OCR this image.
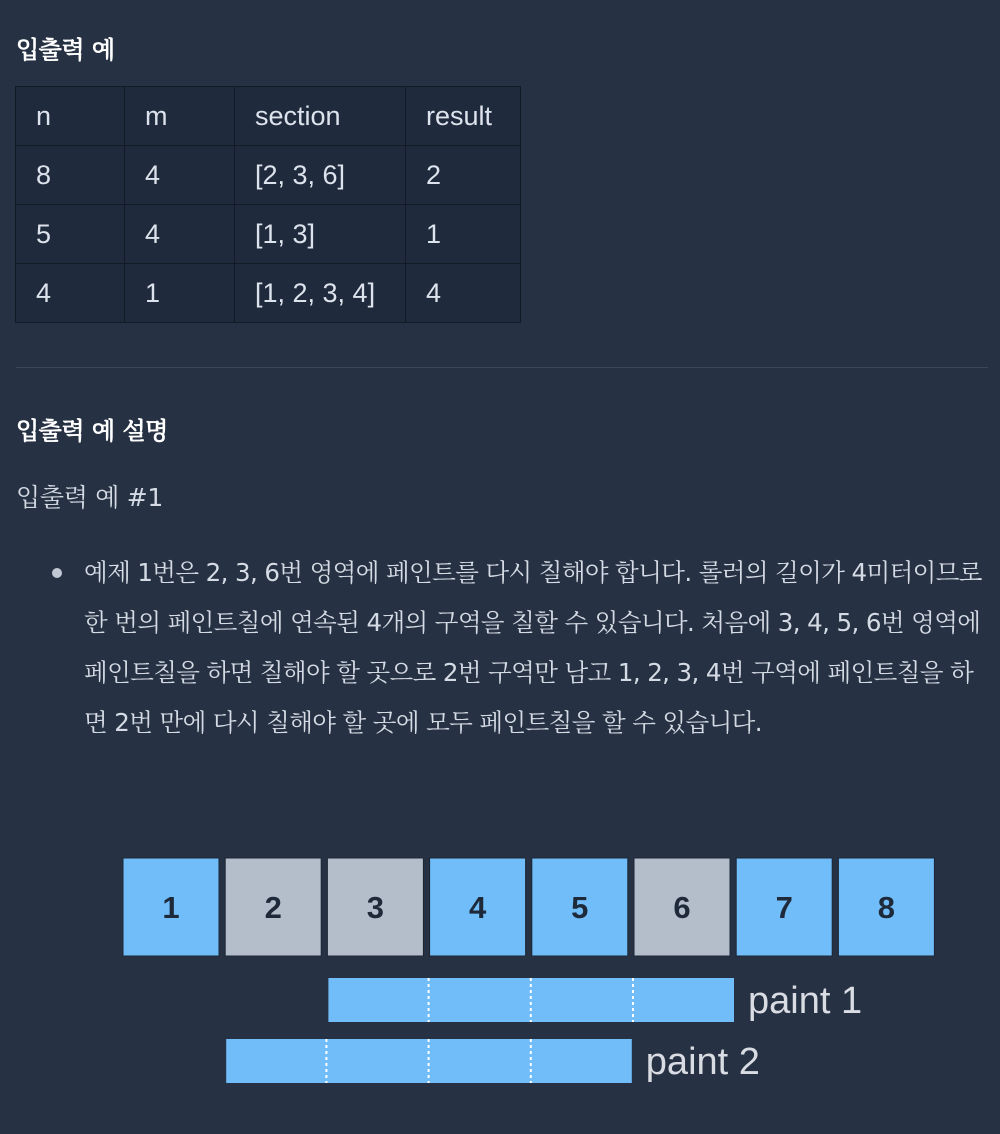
입출력 예
n	m	section	result
8	4	[2, 3, 6]	2
5	4	[1, 3]	1
4	1	[1, 2, 3, 4]	4
입출력 예 설명
입출력 예 #1
예제 1번은 2, 3, 6번 영역에 페인트를 다시 칠해야 합니다. 롤러의 길이가 4미터이므로 한 번의 페인트칠에 연속된 4개의 구역을 칠할 수 있습니다. 처음에 3, 4, 5, 6번 영역에 페인트칠을 하면 칠해야 할 곳으로 2번 구역만 남고 1, 2, 3, 4번 구역에 페인트칠을 하면 2번 만에 다시 칠해야 할 곳에 모두 페인트칠을 할 수 있습니다.
1	2	3	4	5	6	7	8
paint 1
paint 2
